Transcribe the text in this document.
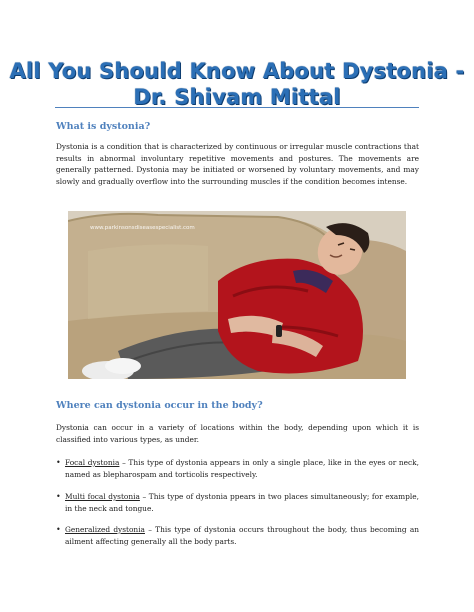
All You Should Know About Dystonia -
Dr. Shivam Mittal
What is dystonia?
Dystonia is a condition that is characterized by continuous or irregular muscle contractions that results in abnormal involuntary repetitive movements and postures. The movements are generally patterned. Dystonia may be initiated or worsened by voluntary movements, and may slowly and gradually overflow into the surrounding muscles if the condition becomes intense.
www.parkinsonsdiseasespecialist.com
Where can dystonia occur in the body?
Dystonia can occur in a variety of locations within the body, depending upon which it is classified into various types, as under.
• Focal dystonia – This type of dystonia appears in only a single place, like in the eyes or neck, named as blepharospam and torticolis respectively.
• Multi focal dystonia – This type of dystonia ppears in two places simultaneously; for example, in the neck and tongue.
• Generalized dystonia – This type of dystonia occurs throughout the body, thus becoming an ailment affecting generally all the body parts.
